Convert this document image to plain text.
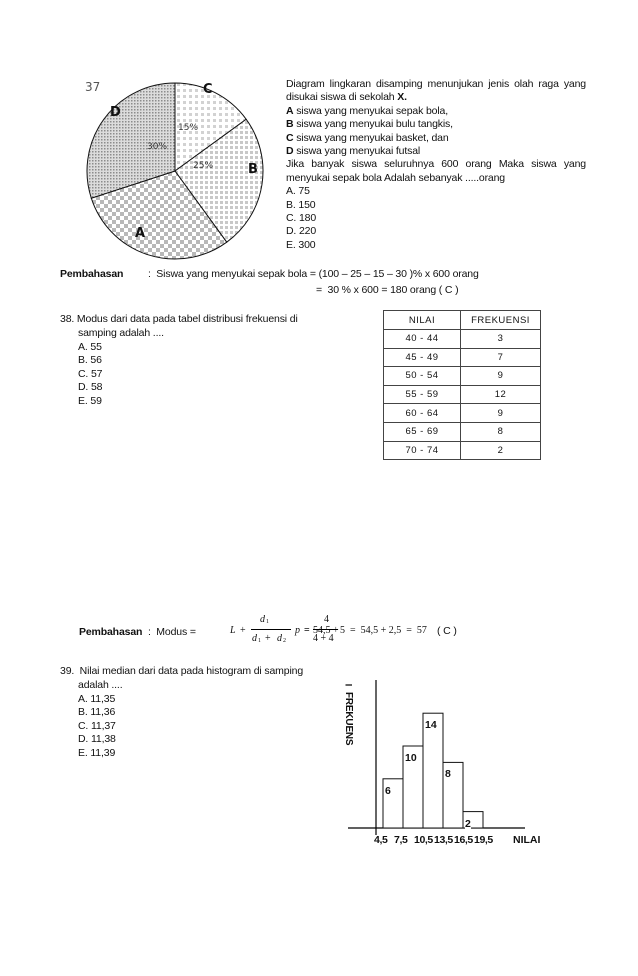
C
D
B
A
37
15%
30%
25%

Diagram lingkaran disamping menunjukan jenis olah raga yang disukai siswa di sekolah X.

A siswa yang menyukai sepak bola,

B siswa yang menyukai bulu tangkis,

C siswa yang menyukai basket, dan

D siswa yang menyukai futsal

Jika banyak siswa seluruhnya 600 orang Maka siswa yang menyukai sepak bola Adalah sebanyak .....orang

A. 75
B. 150
C. 180
D. 220
E. 300
Pembahasan :  Siswa yang menyukai sepak bola = (100 – 25 – 15 – 30 )% x 600 orang
=  30 % x 600 = 180 orang ( C )
38. Modus dari data pada tabel distribusi frekuensi di
samping adalah ....
A. 55
B. 56
C. 57
D. 58
E. 59
NILAI	FREKUENSI
40 - 44	3
45 - 49	7
50 - 54	9
55 - 59	12
60 - 64	9
65 - 69	8
70 - 74	2
Pembahasan :  Modus =	L +
d 1
d 1 + d 2
p = 54,5 +
4
4 + 4
5  =  54,5 + 2,5  =  57 ( C )
39.  Nilai median dari data pada histogram di samping
adalah ....
A. 11,35
B. 11,36
C. 11,37
D. 11,38
E. 11,39
FREKUENS
I
NILAI
6
10
14
8
2
4,5 7,5 10,5 13,5 16,5 19,5
